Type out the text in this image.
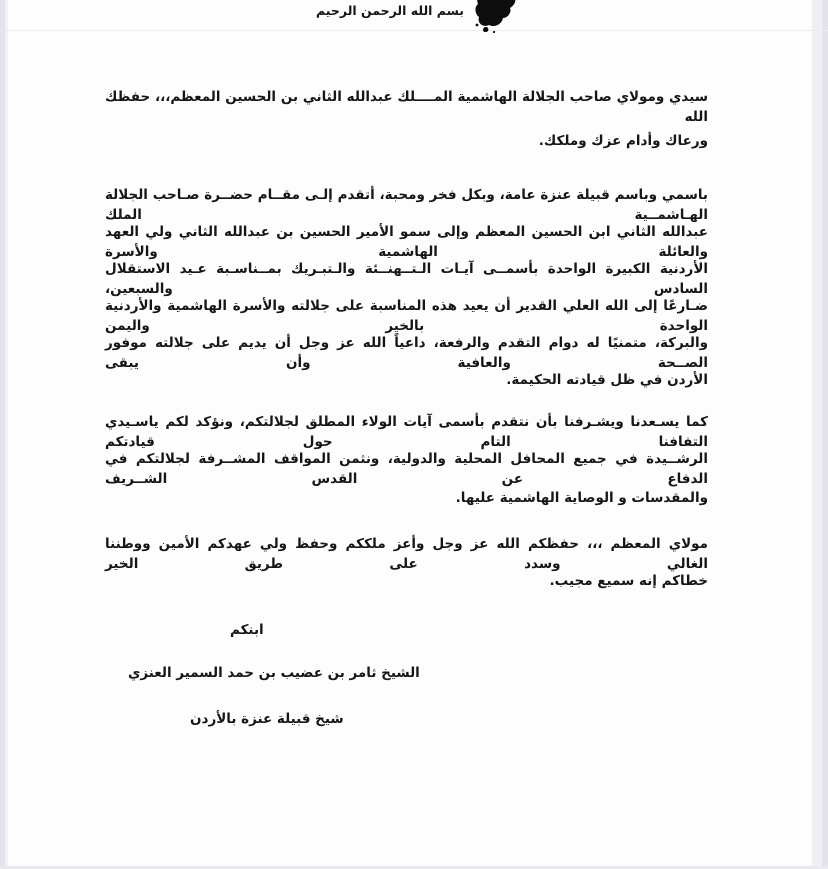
بسم الله الرحمن الرحيم
سيدي ومولاي صاحب الجلالة الهاشمية المــــلك عبدالله الثاني بن الحسين المعظم،،، حفظك الله
ورعاك وأدام عزك وملكك.
باسمي وباسم قبيلة عنزة عامة، وبكل فخر ومحبة، أتقدم إلـى مقــام حضــرة صـاحب الجلالة الهـاشمــية الملك
عبدالله الثاني ابن الحسين المعظم وإلى سمو الأمير الحسين بن عبدالله الثاني ولي العهد والعائلة الهاشمية والأسرة
الأردنية الكبيرة الواحدة بأسمــى آيـات الـتــهنــئة والـتبـريك بمــناسـبة عـيد الاستقلال السادس والسبعين،
ضـارعًا إلى الله العلي القدير أن يعيد هذه المناسبة على جلالته والأسرة الهاشمية والأردنية الواحدة بالخير واليمن
والبركة، متمنيًا له دوام التقدم والرفعة، داعياً الله عز وجل أن يديم على جلالته موفور الصــحة والعافية وأن يبقى
الأردن في ظل قيادته الحكيمة.
كما يسـعدنا ويشـرفنا بأن نتقدم بأسمى آيات الولاء المطلق لجلالتكم، ونؤكد لكم ياسـيدي التفافنا التام حول قيادتكم
الرشــيدة في جميع المحافل المحلية والدولية، ونثمن المواقف المشــرفة لجلالتكم في الدفاع عن القدس الشــريف
والمقدسات و الوصاية الهاشمية عليها.
مولاي المعظم ،،، حفظكم الله عز وجل وأعز ملككم وحفظ ولي عهدكم الأمين ووطننا الغالي وسدد على طريق الخير
خطاكم إنه سميع مجيب.
ابنكم
الشيخ ثامر بن عضيب بن حمد السمير العنزي
شيخ قبيلة عنزة بالأردن
